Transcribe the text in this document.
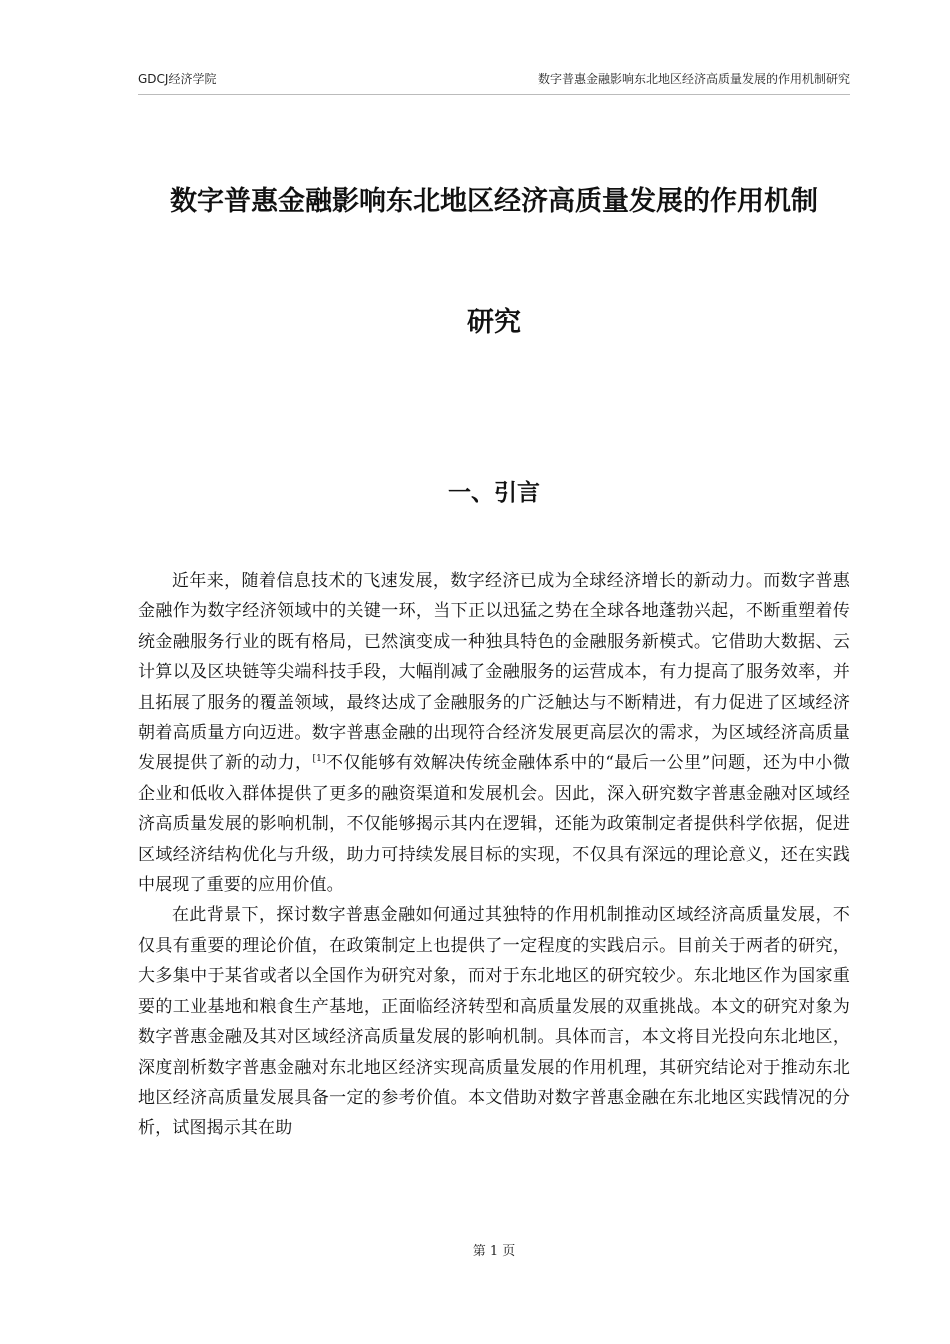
GDCJ经济学院	数字普惠金融影响东北地区经济高质量发展的作用机制研究
数字普惠金融影响东北地区经济高质量发展的作用机制
研究
一、引言

近年来，随着信息技术的飞速发展，数字经济已成为全球经济增长的新动力。而数字普惠金融作为数字经济领域中的关键一环，当下正以迅猛之势在全球各地蓬勃兴起，不断重塑着传统金融服务行业的既有格局，已然演变成一种独具特色的金融服务新模式。它借助大数据、云计算以及区块链等尖端科技手段，大幅削减了金融服务的运营成本，有力提高了服务效率，并且拓展了服务的覆盖领域，最终达成了金融服务的广泛触达与不断精进，有力促进了区域经济朝着高质量方向迈进。数字普惠金融的出现符合经济发展更高层次的需求，为区域经济高质量发展提供了新的动力，[1]不仅能够有效解决传统金融体系中的“最后一公里”问题，还为中小微企业和低收入群体提供了更多的融资渠道和发展机会。因此，深入研究数字普惠金融对区域经济高质量发展的影响机制，不仅能够揭示其内在逻辑，还能为政策制定者提供科学依据，促进区域经济结构优化与升级，助力可持续发展目标的实现，不仅具有深远的理论意义，还在实践中展现了重要的应用价值。

在此背景下，探讨数字普惠金融如何通过其独特的作用机制推动区域经济高质量发展，不仅具有重要的理论价值，在政策制定上也提供了一定程度的实践启示。目前关于两者的研究，大多集中于某省或者以全国作为研究对象，而对于东北地区的研究较少。东北地区作为国家重要的工业基地和粮食生产基地，正面临经济转型和高质量发展的双重挑战。本文的研究对象为数字普惠金融及其对区域经济高质量发展的影响机制。具体而言，本文将目光投向东北地区，深度剖析数字普惠金融对东北地区经济实现高质量发展的作用机理，其研究结论对于推动东北地区经济高质量发展具备一定的参考价值。本文借助对数字普惠金融在东北地区实践情况的分析，试图揭示其在助

第 1 页
